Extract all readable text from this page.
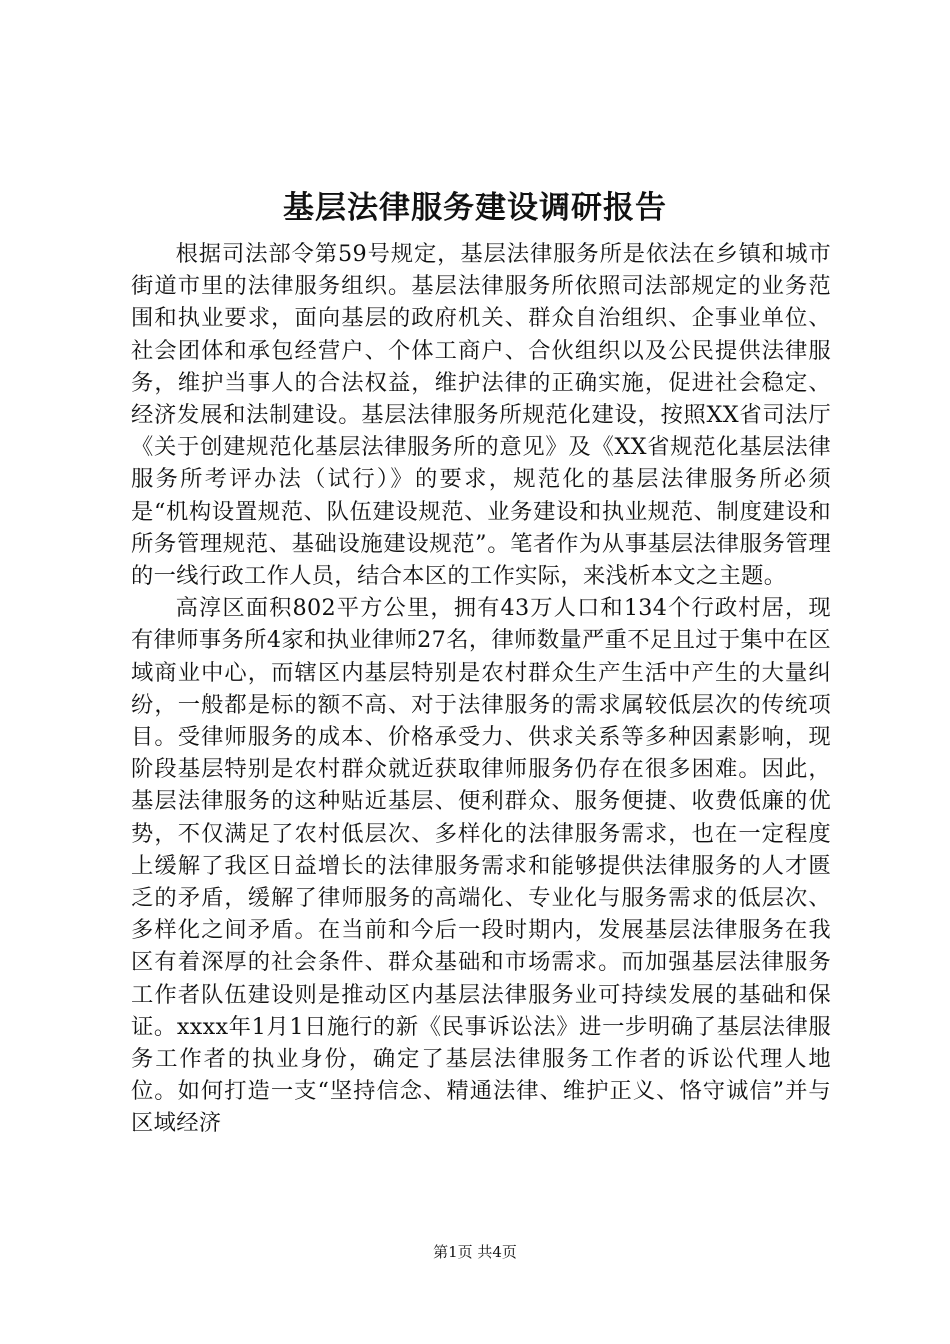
基层法律服务建设调研报告

根据司法部令第59号规定，基层法律服务所是依法在乡镇和城市街道市里的法律服务组织。基层法律服务所依照司法部规定的业务范围和执业要求，面向基层的政府机关、群众自治组织、企事业单位、社会团体和承包经营户、个体工商户、合伙组织以及公民提供法律服务，维护当事人的合法权益，维护法律的正确实施，促进社会稳定、经济发展和法制建设。基层法律服务所规范化建设，按照XX省司法厅《关于创建规范化基层法律服务所的意见》及《XX省规范化基层法律服务所考评办法（试行）》的要求，规范化的基层法律服务所必须是“机构设置规范、队伍建设规范、业务建设和执业规范、制度建设和所务管理规范、基础设施建设规范”。笔者作为从事基层法律服务管理的一线行政工作人员，结合本区的工作实际，来浅析本文之主题。

高淳区面积802平方公里，拥有43万人口和134个行政村居，现有律师事务所4家和执业律师27名，律师数量严重不足且过于集中在区域商业中心，而辖区内基层特别是农村群众生产生活中产生的大量纠纷，一般都是标的额不高、对于法律服务的需求属较低层次的传统项目。受律师服务的成本、价格承受力、供求关系等多种因素影响，现阶段基层特别是农村群众就近获取律师服务仍存在很多困难。因此，基层法律服务的这种贴近基层、便利群众、服务便捷、收费低廉的优势，不仅满足了农村低层次、多样化的法律服务需求，也在一定程度上缓解了我区日益增长的法律服务需求和能够提供法律服务的人才匮乏的矛盾，缓解了律师服务的高端化、专业化与服务需求的低层次、多样化之间矛盾。在当前和今后一段时期内，发展基层法律服务在我区有着深厚的社会条件、群众基础和市场需求。而加强基层法律服务工作者队伍建设则是推动区内基层法律服务业可持续发展的基础和保证。xxxx年1月1日施行的新《民事诉讼法》进一步明确了基层法律服务工作者的执业身份，确定了基层法律服务工作者的诉讼代理人地位。如何打造一支“坚持信念、精通法律、维护正义、恪守诚信”并与区域经济

第1页 共4页
